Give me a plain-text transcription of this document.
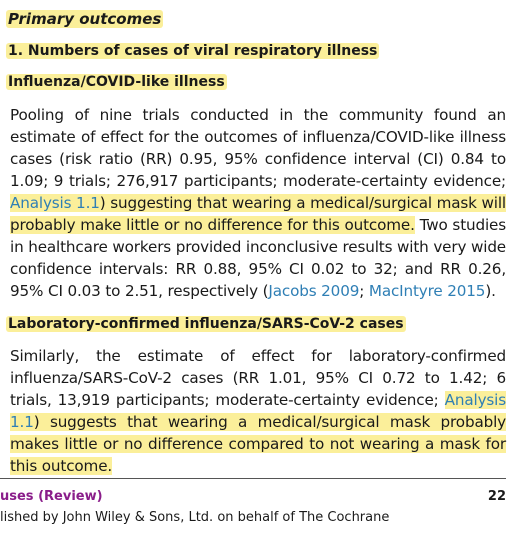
Primary outcomes
1. Numbers of cases of viral respiratory illness
Influenza/COVID-like illness
Pooling of nine trials conducted in the community found an estimate of effect for the outcomes of influenza/COVID-like illness cases (risk ratio (RR) 0.95, 95% confidence interval (CI) 0.84 to 1.09; 9 trials; 276,917 participants; moderate-certainty evidence; Analysis 1.1) suggesting that wearing a medical/surgical mask will probably make little or no difference for this outcome. Two studies in healthcare workers provided inconclusive results with very wide confidence intervals: RR 0.88, 95% CI 0.02 to 32; and RR 0.26, 95% CI 0.03 to 2.51, respectively (Jacobs 2009; MacIntyre 2015).
Laboratory-confirmed influenza/SARS-CoV-2 cases
Similarly, the estimate of effect for laboratory-confirmed influenza/SARS-CoV-2 cases (RR 1.01, 95% CI 0.72 to 1.42; 6 trials, 13,919 participants; moderate-certainty evidence; Analysis 1.1) suggests that wearing a medical/surgical mask probably makes little or no difference compared to not wearing a mask for this outcome.
uses (Review)	22
lished by John Wiley & Sons, Ltd. on behalf of The Cochrane
